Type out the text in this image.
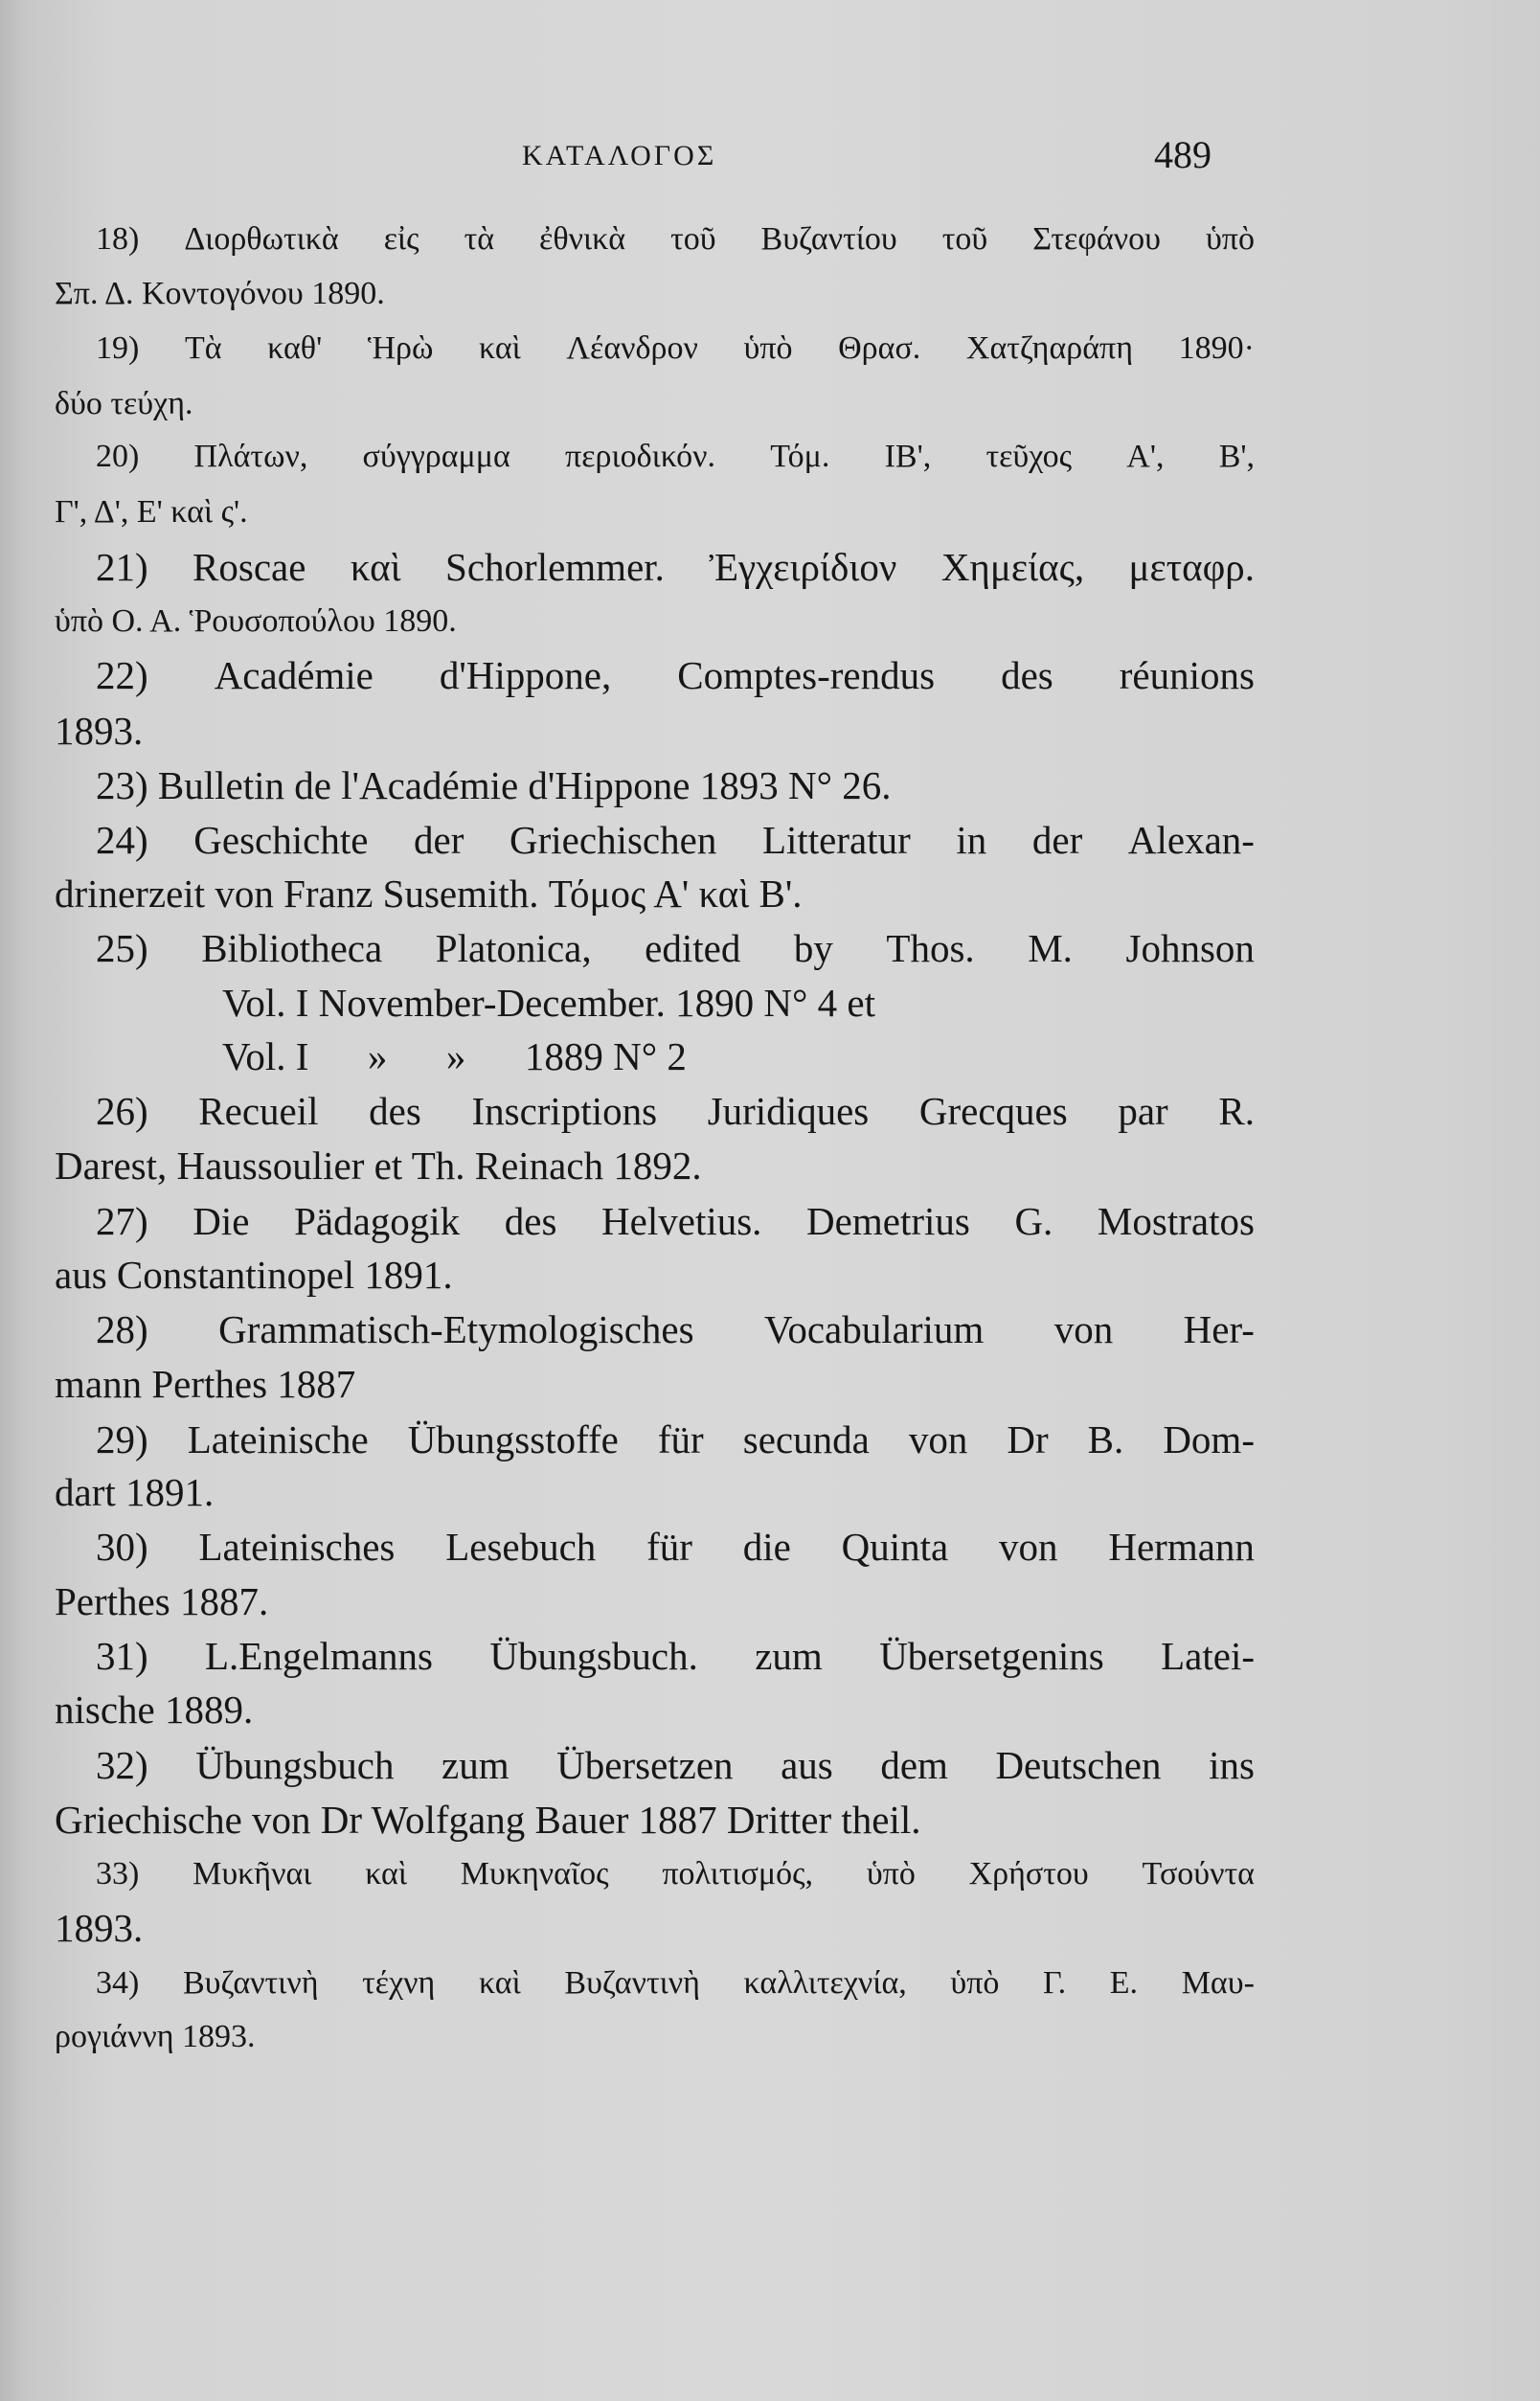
ΚΑΤΑΛΟΓΟΣ	489
18) Διορθωτικὰ εἰς τὰ ἐθνικὰ τοῦ Βυζαντίου τοῦ Στεφάνου ὑπὸ
Σπ. Δ. Κοντογόνου 1890.
19) Τὰ καθ' Ἡρὼ καὶ Λέανδρον ὑπὸ Θρασ. Χατζηαράπη 1890·
δύο τεύχη.
20) Πλάτων, σύγγραμμα περιοδικόν. Τόμ. ΙΒ', τεῦχος Α', Β',
Γ', Δ', Ε' καὶ ς'.
21) Roscae καὶ Schorlemmer. Ἐγχειρίδιον Χημείας, μεταφρ.
ὑπὸ Ο. Α. Ῥουσοπούλου 1890.
22) Académie d'Hippone, Comptes-rendus des réunions
1893.
23) Bulletin de l'Académie d'Hippone 1893 N° 26.
24) Geschichte der Griechischen Litteratur in der Alexan-
drinerzeit von Franz Susemith. Τόμος Α' καὶ Β'.
25) Bibliotheca Platonica, edited by Thos. M. Johnson
Vol. I November-December. 1890 N° 4 et
Vol. I      »      »      1889 N° 2
26) Recueil des Inscriptions Juridiques Grecques par R.
Darest, Haussoulier et Th. Reinach 1892.
27) Die Pädagogik des Helvetius. Demetrius G. Mostratos
aus Constantinopel 1891.
28) Grammatisch-Etymologisches Vocabularium von Her-
mann Perthes 1887
29) Lateinische Übungsstoffe für secunda von Dr B. Dom-
dart 1891.
30) Lateinisches Lesebuch für die Quinta von Hermann
Perthes 1887.
31) L.Engelmanns Übungsbuch. zum Übersetgenins Latei-
nische 1889.
32) Übungsbuch zum Übersetzen aus dem Deutschen ins
Griechische von Dr Wolfgang Bauer 1887 Dritter theil.
33) Μυκῆναι καὶ Μυκηναῖος πολιτισμός, ὑπὸ Χρήστου Τσούντα
1893.
34) Βυζαντινὴ τέχνη καὶ Βυζαντινὴ καλλιτεχνία, ὑπὸ Γ. Ε. Μαυ-
ρογιάννη 1893.
